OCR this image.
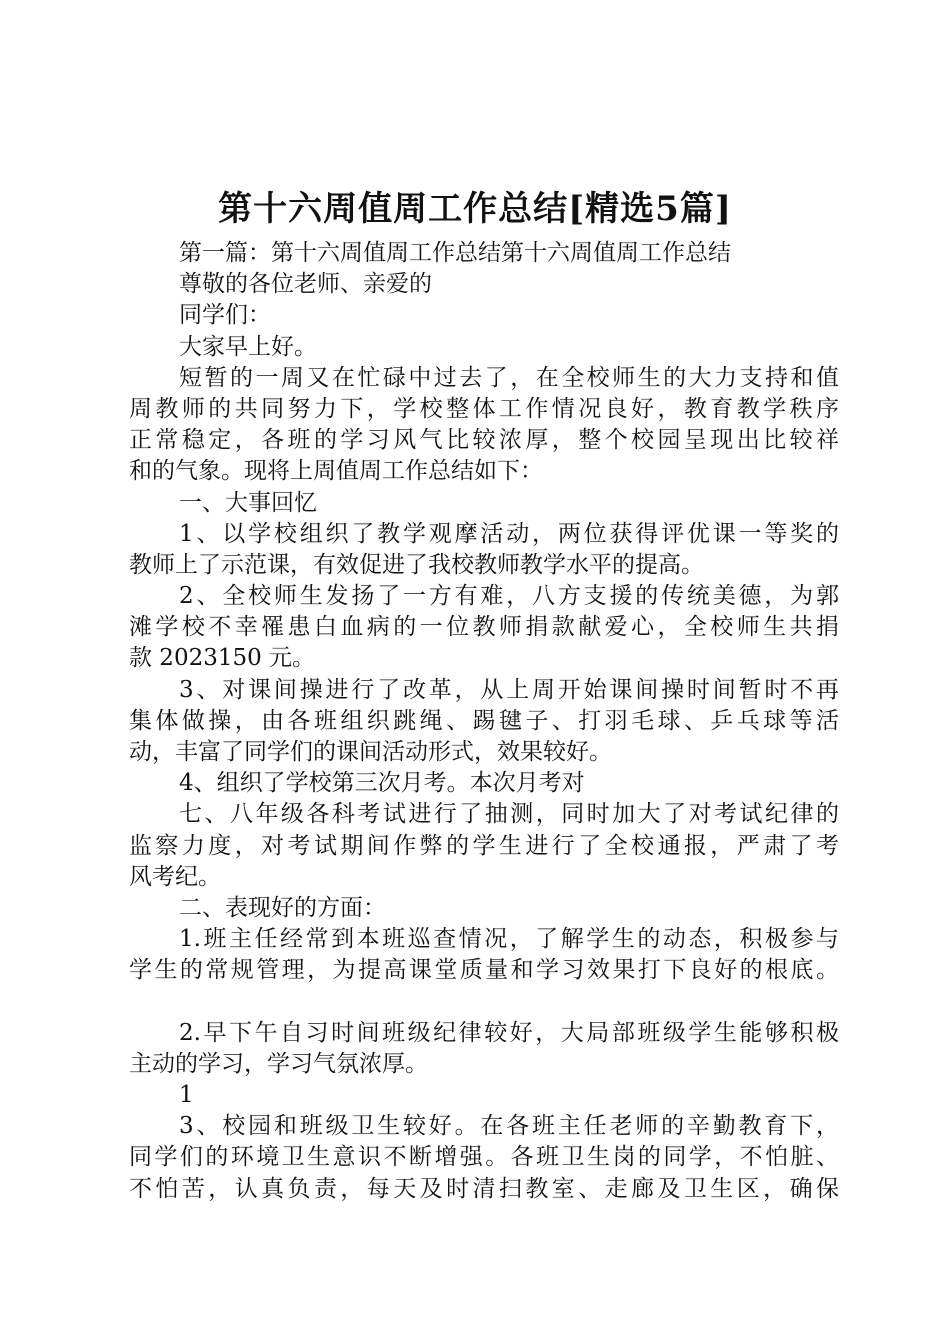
第十六周值周工作总结[精选5篇]
第一篇：第十六周值周工作总结第十六周值周工作总结
尊敬的各位老师、亲爱的
同学们：
大家早上好。
短暂的一周又在忙碌中过去了，在全校师生的大力支持和值
周教师的共同努力下，学校整体工作情况良好，教育教学秩序
正常稳定，各班的学习风气比较浓厚，整个校园呈现出比较祥
和的气象。现将上周值周工作总结如下：
一、大事回忆
1、以学校组织了教学观摩活动，两位获得评优课一等奖的
教师上了示范课，有效促进了我校教师教学水平的提高。
2、全校师生发扬了一方有难，八方支援的传统美德，为郭
滩学校不幸罹患白血病的一位教师捐款献爱心，全校师生共捐
款 2023150 元。
3、对课间操进行了改革，从上周开始课间操时间暂时不再
集体做操，由各班组织跳绳、踢毽子、打羽毛球、乒乓球等活
动，丰富了同学们的课间活动形式，效果较好。
4、组织了学校第三次月考。本次月考对
七、八年级各科考试进行了抽测，同时加大了对考试纪律的
监察力度，对考试期间作弊的学生进行了全校通报，严肃了考
风考纪。
二、表现好的方面：
1.班主任经常到本班巡查情况，了解学生的动态，积极参与
学生的常规管理，为提高课堂质量和学习效果打下良好的根底。
2.早下午自习时间班级纪律较好，大局部班级学生能够积极
主动的学习，学习气氛浓厚。
1
3、校园和班级卫生较好。在各班主任老师的辛勤教育下，
同学们的环境卫生意识不断增强。各班卫生岗的同学，不怕脏、
不怕苦，认真负责，每天及时清扫教室、走廊及卫生区，确保
